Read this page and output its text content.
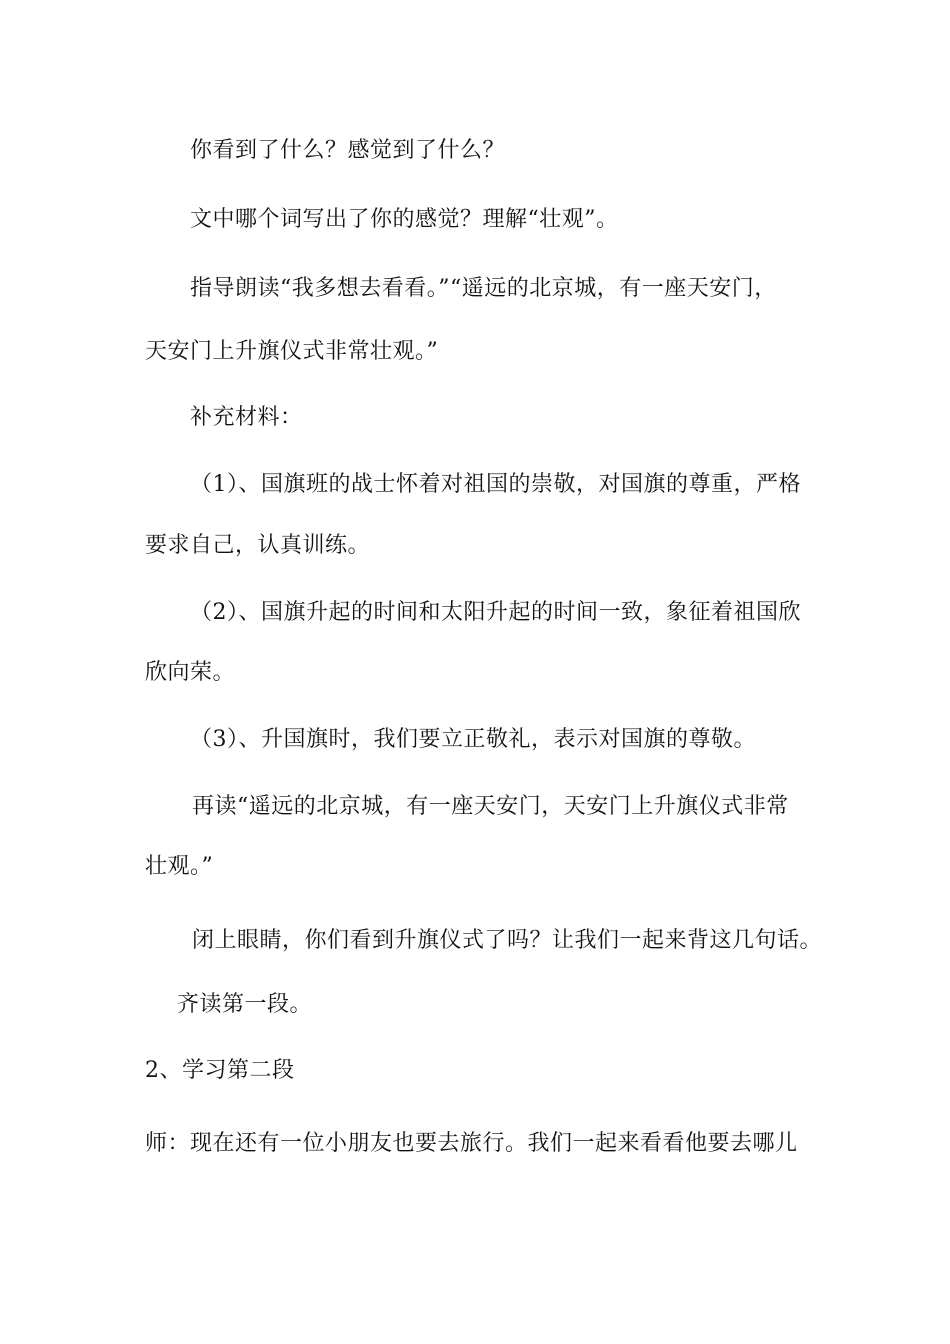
你看到了什么？感觉到了什么？
文中哪个词写出了你的感觉？理解“壮观”。
指导朗读“我多想去看看。”“遥远的北京城，有一座天安门，
天安门上升旗仪式非常壮观。”
补充材料：
（1）、国旗班的战士怀着对祖国的崇敬，对国旗的尊重，严格
要求自己，认真训练。
（2）、国旗升起的时间和太阳升起的时间一致，象征着祖国欣
欣向荣。
（3）、升国旗时，我们要立正敬礼，表示对国旗的尊敬。
再读“遥远的北京城，有一座天安门，天安门上升旗仪式非常
壮观。”
闭上眼睛，你们看到升旗仪式了吗？让我们一起来背这几句话。
齐读第一段。
2、学习第二段
师：现在还有一位小朋友也要去旅行。我们一起来看看他要去哪儿
